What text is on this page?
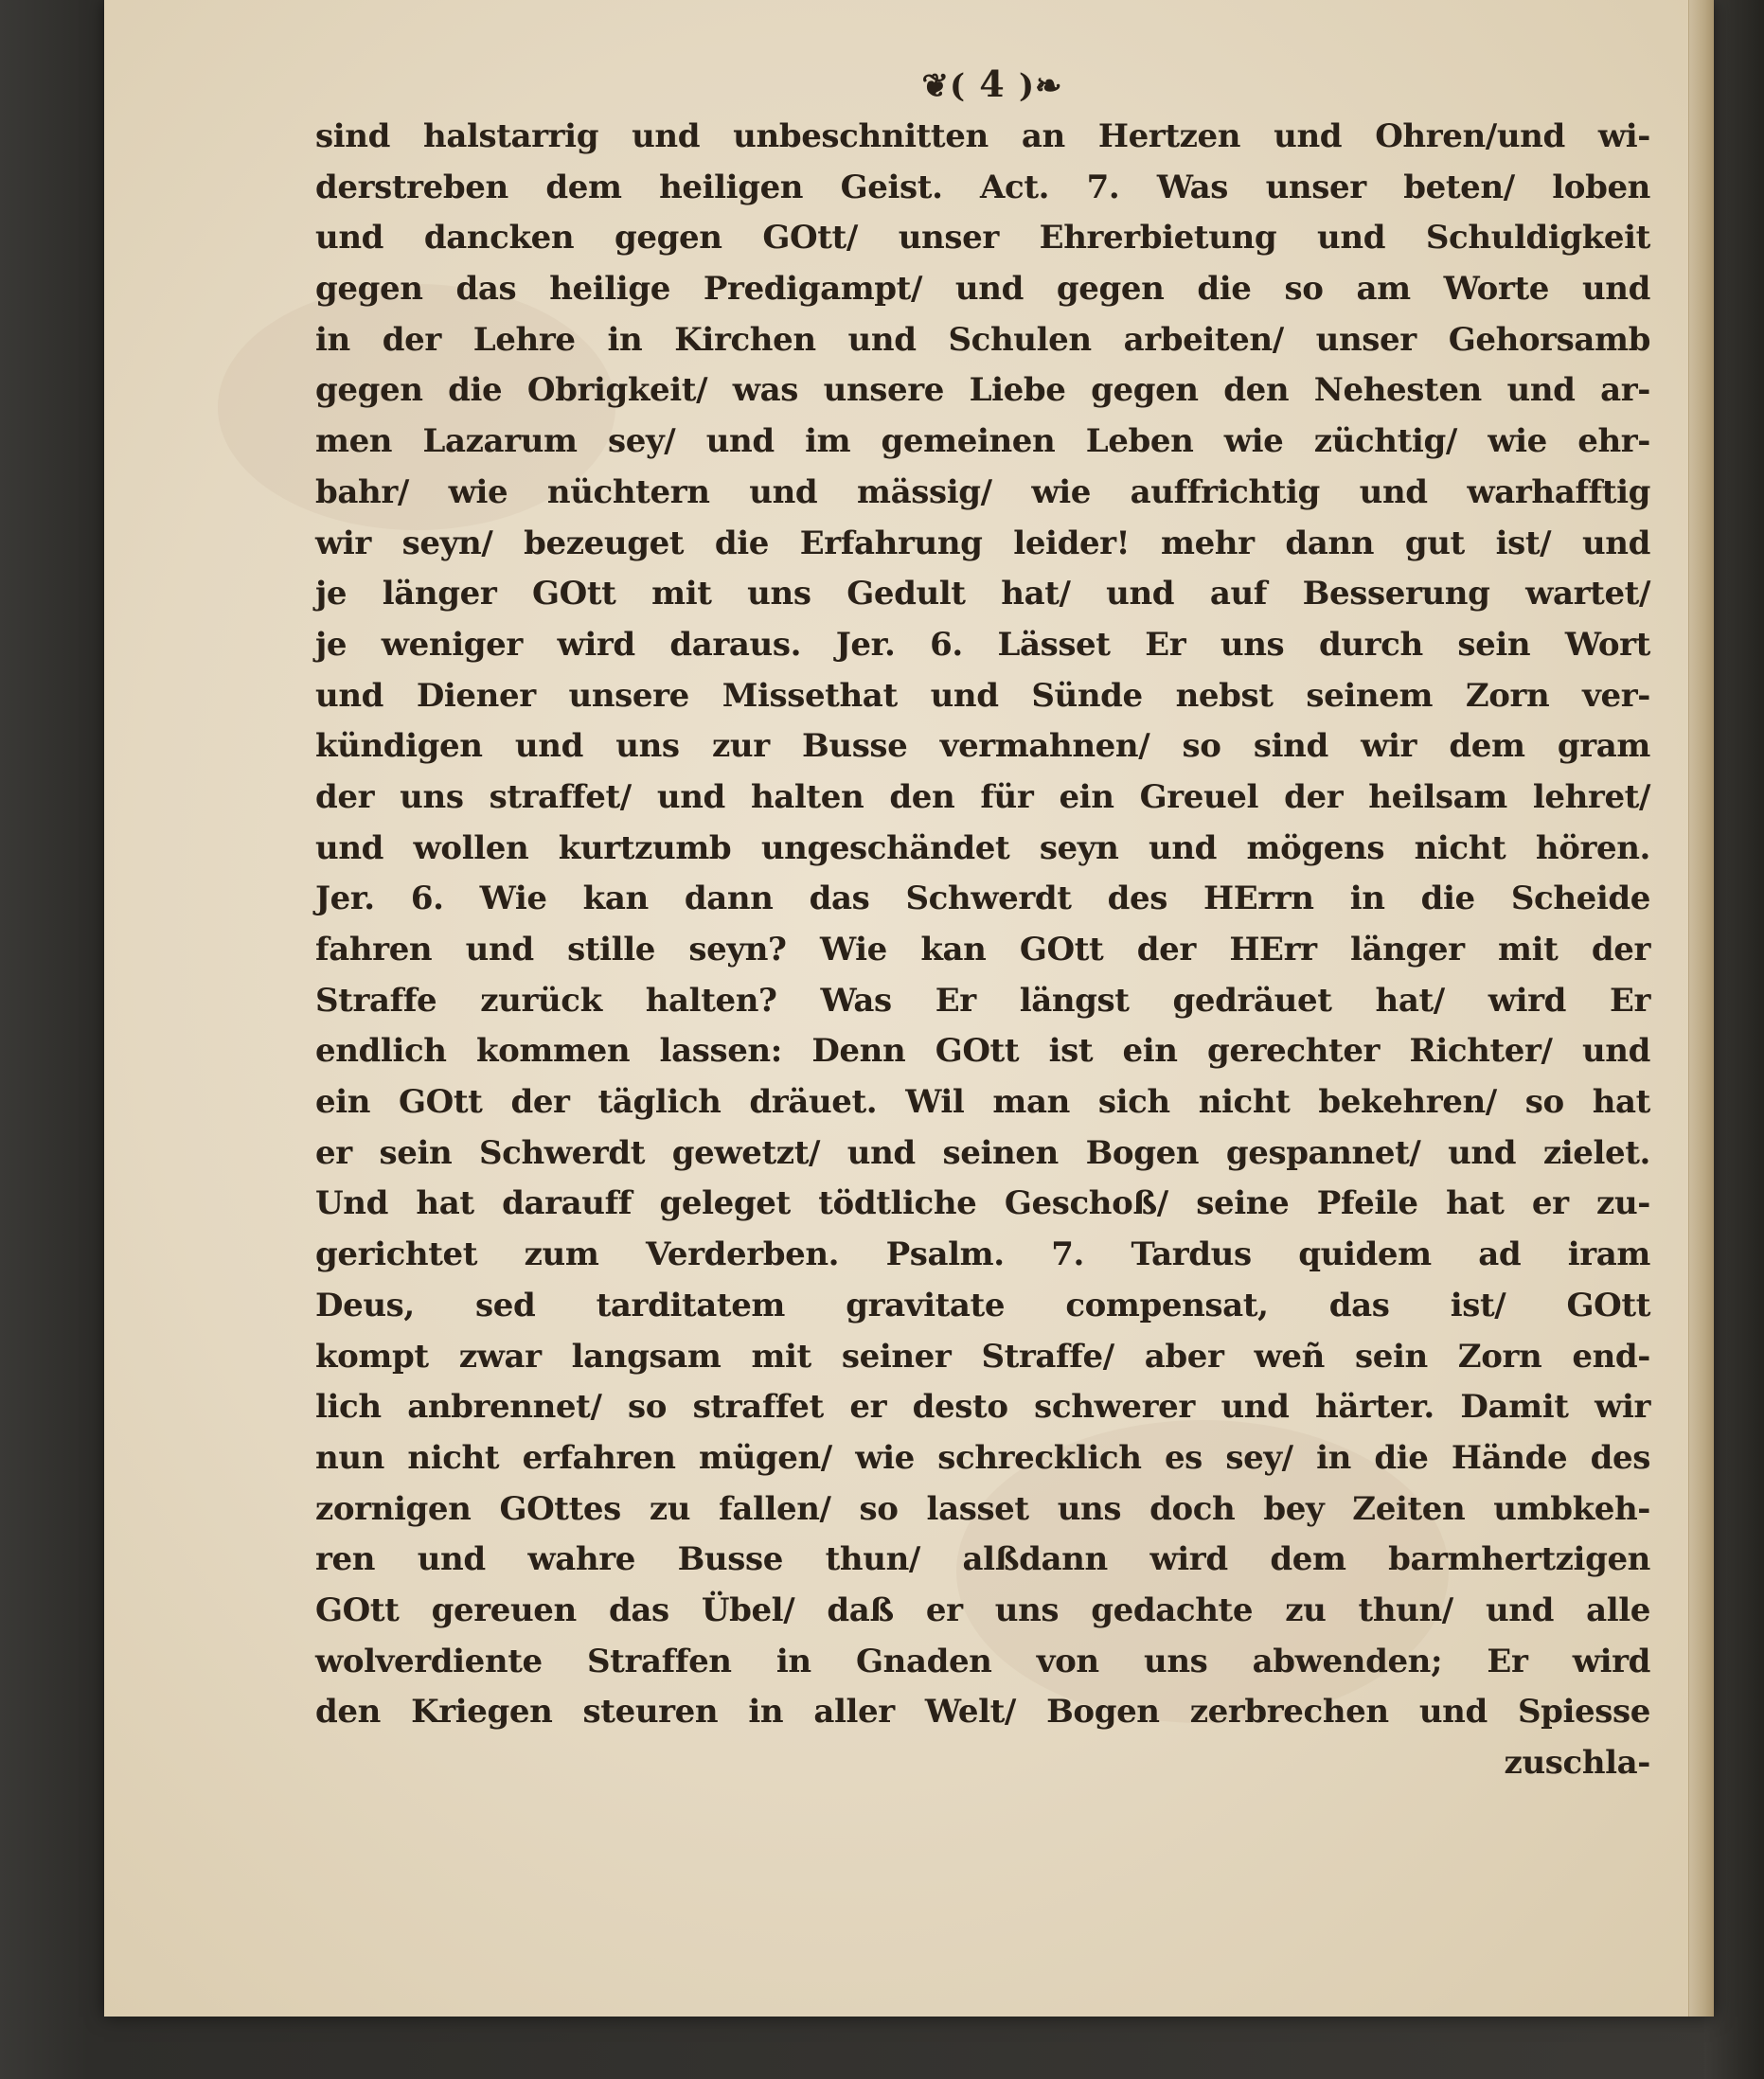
❦( 4 )❧
sind halstarrig und unbeschnitten an Hertzen und Ohren/und wi-
derstreben dem heiligen Geist. Act. 7. Was unser beten/ loben
und dancken gegen GOtt/ unser Ehrerbietung und Schuldigkeit
gegen das heilige Predigampt/ und gegen die so am Worte und
in der Lehre in Kirchen und Schulen arbeiten/ unser Gehorsamb
gegen die Obrigkeit/ was unsere Liebe gegen den Nehesten und ar-
men Lazarum sey/ und im gemeinen Leben wie züchtig/ wie ehr-
bahr/ wie nüchtern und mässig/ wie auffrichtig und warhafftig
wir seyn/ bezeuget die Erfahrung leider! mehr dann gut ist/ und
je länger GOtt mit uns Gedult hat/ und auf Besserung wartet/
je weniger wird daraus. Jer. 6. Lässet Er uns durch sein Wort
und Diener unsere Missethat und Sünde nebst seinem Zorn ver-
kündigen und uns zur Busse vermahnen/ so sind wir dem gram
der uns straffet/ und halten den für ein Greuel der heilsam lehret/
und wollen kurtzumb ungeschändet seyn und mögens nicht hören.
Jer. 6. Wie kan dann das Schwerdt des HErrn in die Scheide
fahren und stille seyn? Wie kan GOtt der HErr länger mit der
Straffe zurück halten? Was Er längst gedräuet hat/ wird Er
endlich kommen lassen: Denn GOtt ist ein gerechter Richter/ und
ein GOtt der täglich dräuet. Wil man sich nicht bekehren/ so hat
er sein Schwerdt gewetzt/ und seinen Bogen gespannet/ und zielet.
Und hat darauff geleget tödtliche Geschoß/ seine Pfeile hat er zu-
gerichtet zum Verderben. Psalm. 7. Tardus quidem ad iram
Deus, sed tarditatem gravitate compensat, das ist/ GOtt
kompt zwar langsam mit seiner Straffe/ aber weñ sein Zorn end-
lich anbrennet/ so straffet er desto schwerer und härter. Damit wir
nun nicht erfahren mügen/ wie schrecklich es sey/ in die Hände des
zornigen GOttes zu fallen/ so lasset uns doch bey Zeiten umbkeh-
ren und wahre Busse thun/ alßdann wird dem barmhertzigen
GOtt gereuen das Übel/ daß er uns gedachte zu thun/ und alle
wolverdiente Straffen in Gnaden von uns abwenden; Er wird
den Kriegen steuren in aller Welt/ Bogen zerbrechen und Spiesse
zuschla-
